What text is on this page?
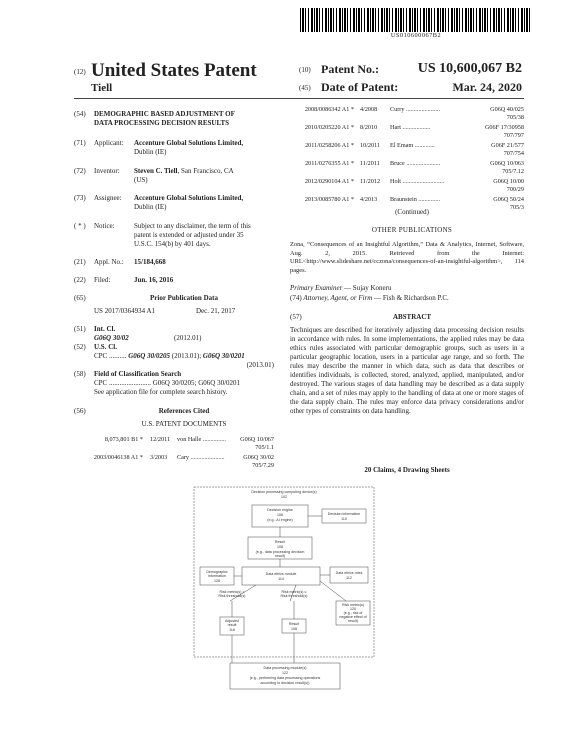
US010600067B2
(12) United States Patent
Tiell
(10) Patent No.:	US 10,600,067 B2
(45) Date of Patent:	Mar. 24, 2020
(54) DEMOGRAPHIC BASED ADJUSTMENT OF
DATA PROCESSING DECISION RESULTS
(71) Applicant: Accenture Global Solutions Limited,
Dublin (IE)
(72) Inventor: Steven C. Tiell, San Francisco, CA
(US)
(73) Assignee: Accenture Global Solutions Limited,
Dublin (IE)
( * ) Notice:	Subject to any disclaimer, the term of this
patent is extended or adjusted under 35
U.S.C. 154(b) by 401 days.
(21) Appl. No.: 15/184,668
(22) Filed:	Jun. 16, 2016
(65)	Prior Publication Data
US 2017/0364934 A1	Dec. 21, 2017
(51) Int. Cl.
G06Q 30/02	(2012.01)
(52) U.S. Cl.
CPC .......... G06Q 30/0205 (2013.01); G06Q 30/0201
(2013.01)
(58) Field of Classification Search
CPC ........................ G06Q 30/0205; G06Q 30/0201
See application file for complete search history.
(56)	References Cited
U.S. PATENT DOCUMENTS
8,073,801 B1 * 12/2011 von Halle ...............	G06Q 10/067
705/1.1
2003/0046138 A1 * 3/2003 Cary ......................	G06Q 30/02
705/7.29
2008/0086342 A1 * 4/2008 Curry ......................	G06Q 40/025
705/38
2010/0205220 A1 * 8/2010 Hart ..................	G06F 17/30958
707/797
2011/0258206 A1 * 10/2011 El Emam .............	G06F 21/577
707/754
2011/0276355 A1 * 11/2011 Bruce ......................	G06Q 10/063
705/7.12
2012/0290104 A1 * 11/2012 Holt ...........................	G06Q 10/00
700/29
2013/0085780 A1 * 4/2013 Braunstein ..............	G06Q 50/24
705/3
(Continued)
OTHER PUBLICATIONS
Zona, “Consequences of an Insightful Algorithm,” Data & Analytics, Internet, Software, Aug. 2, 2015. Retrieved from the Internet: URL<http://www.slideshare.net/cczona/consequences-of-an-insightful-algorithm>, 114 pages.
Primary Examiner — Sujay Koneru
(74) Attorney, Agent, or Firm — Fish & Richardson P.C.
(57)	ABSTRACT
Techniques are described for iteratively adjusting data processing decision results in accordance with rules. In some implementations, the applied rules may be data ethics rules associated with particular demographic groups, such as users in a particular geographic location, users in a particular age range, and so forth. The rules may describe the manner in which data, such as data that describes or identifies individuals, is collected, stored, analyzed, applied, manipulated, and/or destroyed. The various stages of data handling may be described as a data supply chain, and a set of rules may apply to the handling of data at one or more stages of the data supply chain. The rules may enforce data privacy considerations and/or other types of constraints on data handling.
20 Claims, 4 Drawing Sheets
Decision processing computing device(s)
102
Decision engine
106
(e.g., AI engine)
Decision information
110
Result
108
(e.g., data processing decision
result)
Demographic
information
128
Data ethics module
114
Data ethics rules
112
Risk metric(s) >
Risk threshold(s)
Risk metric(s) ≤
Risk threshold(s)
Risk metric(s)
120
(e.g., risk of
negative effect of
result)
Adjusted
result
116
Result
108
Data processing module(s)
122
(e.g., performing data processing operations
according to decision result(s))
